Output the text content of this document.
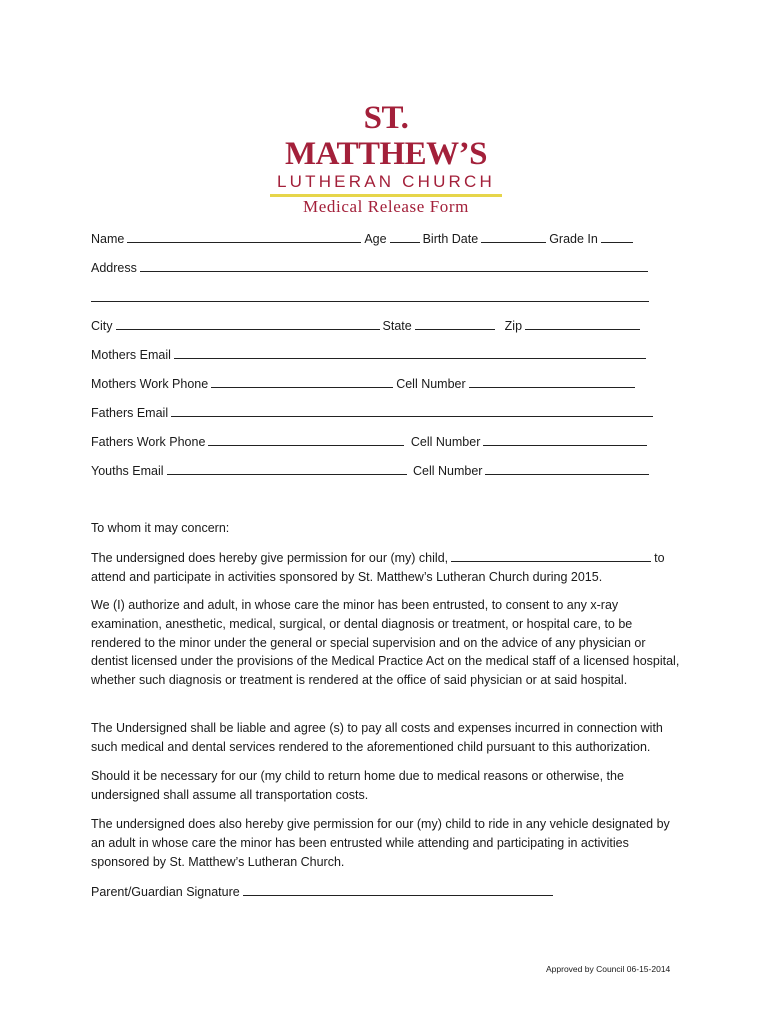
ST. MATTHEW’S
LUTHERAN CHURCH
Medical Release Form
Name	Age	Birth Date	Grade In
Address
City	State	Zip
Mothers Email
Mothers Work Phone	Cell Number
Fathers Email
Fathers Work Phone	Cell Number
Youths Email	Cell Number
To whom it may concern:
The undersigned does hereby give permission for our (my) child,	to
attend and participate in activities sponsored by St. Matthew’s Lutheran Church during 2015.
We (I) authorize and adult, in whose care the minor has been entrusted, to consent to any x-ray examination, anesthetic, medical, surgical, or dental diagnosis or treatment, or hospital care, to be rendered to the minor under the general or special supervision and on the advice of any physician or dentist licensed under the provisions of the Medical Practice Act on the medical staff of a licensed hospital, whether such diagnosis or treatment is rendered at the office of said physician or at said hospital.
The Undersigned shall be liable and agree (s) to pay all costs and expenses incurred in connection with such medical and dental services rendered to the aforementioned child pursuant to this authorization.
Should it be necessary for our (my child to return home due to medical reasons or otherwise, the undersigned shall assume all transportation costs.
The undersigned does also hereby give permission for our (my) child to ride in any vehicle designated by an adult in whose care the minor has been entrusted while attending and participating in activities sponsored by St. Matthew’s Lutheran Church.
Parent/Guardian Signature
Approved by Council 06-15-2014
